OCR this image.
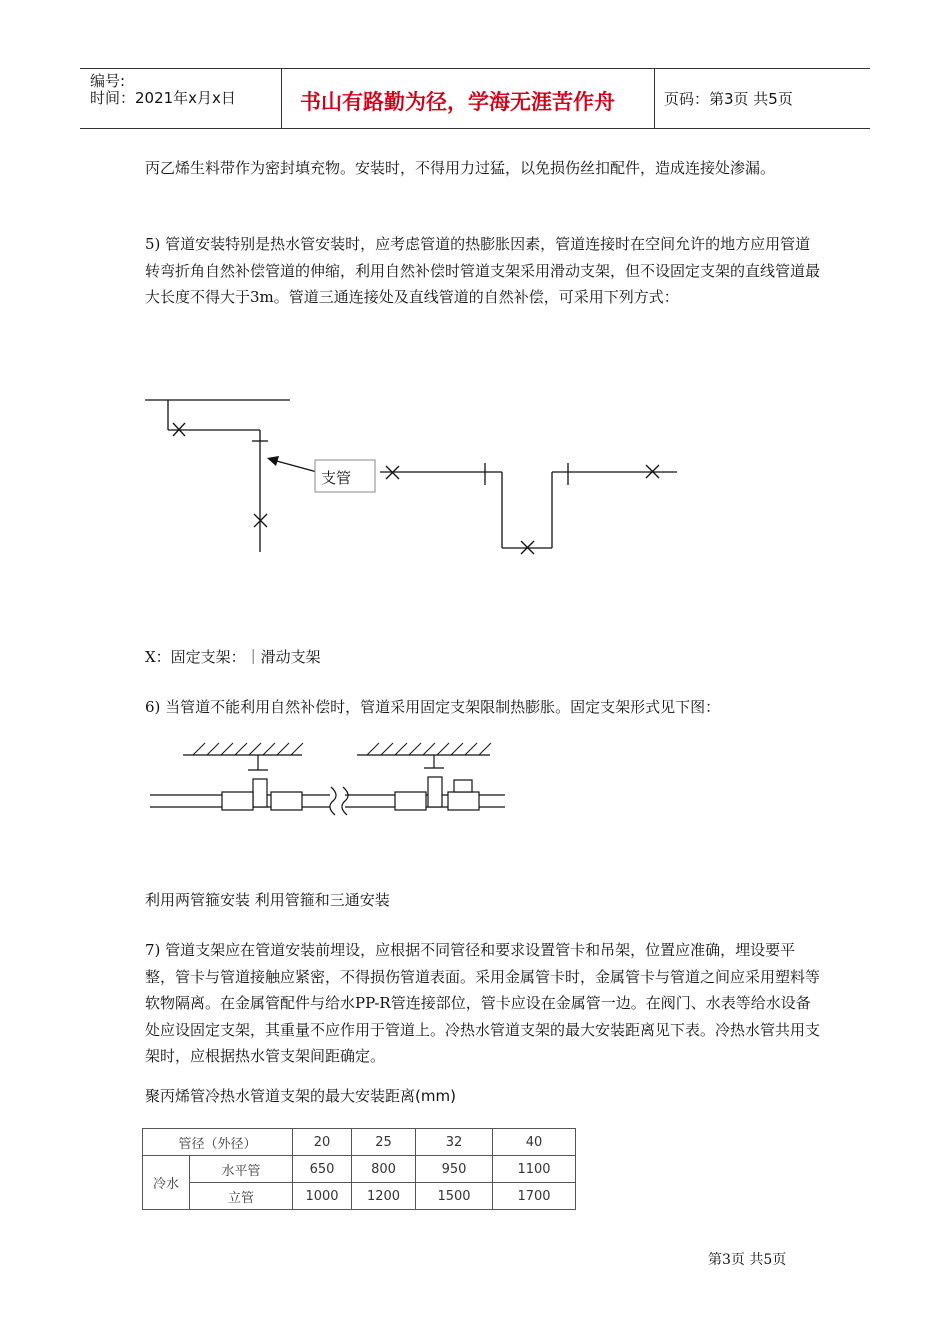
编号:
时间：2021年x月x日	书山有路勤为径，学海无涯苦作舟	页码：第3页 共5页
丙乙烯生料带作为密封填充物。安装时，不得用力过猛，以免损伤丝扣配件，造成连接处渗漏。
5) 管道安装特别是热水管安装时，应考虑管道的热膨胀因素，管道连接时在空间允许的地方应用管道转弯折角自然补偿管道的伸缩，利用自然补偿时管道支架采用滑动支架，但不设固定支架的直线管道最大长度不得大于3m。管道三通连接处及直线管道的自然补偿，可采用下列方式：
支管
X：固定支架：｜滑动支架
6) 当管道不能利用自然补偿时，管道采用固定支架限制热膨胀。固定支架形式见下图：
利用两管箍安装 利用管箍和三通安装
7) 管道支架应在管道安装前埋设，应根据不同管径和要求设置管卡和吊架，位置应准确，埋设要平整，管卡与管道接触应紧密，不得损伤管道表面。采用金属管卡时，金属管卡与管道之间应采用塑料等软物隔离。在金属管配件与给水PP-R管连接部位，管卡应设在金属管一边。在阀门、水表等给水设备处应设固定支架，其重量不应作用于管道上。冷热水管道支架的最大安装距离见下表。冷热水管共用支架时，应根据热水管支架间距确定。
聚丙烯管冷热水管道支架的最大安装距离(mm)
管径（外径）		20	25	32	40
冷水	水平管	650	800	950	1100
	立管	1000	1200	1500	1700
第3页 共5页
